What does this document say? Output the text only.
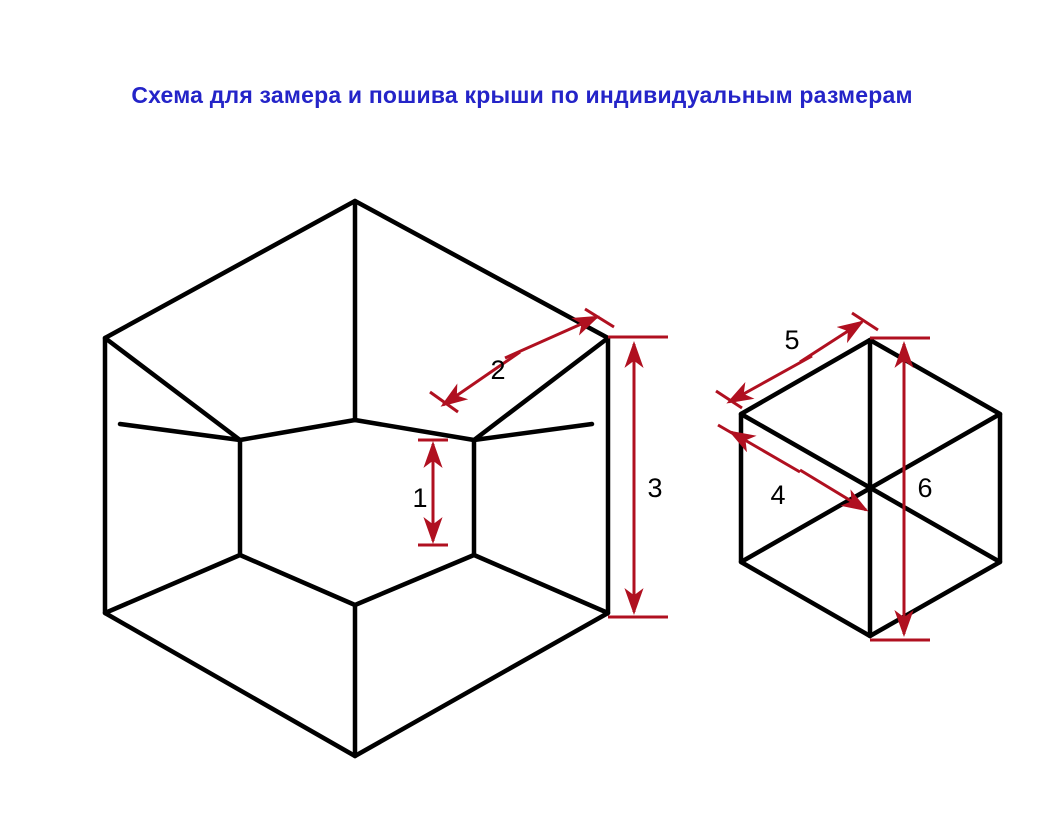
Схема для замера и пошива крыши по индивидуальным размерам
1
2
3
5
4	6
